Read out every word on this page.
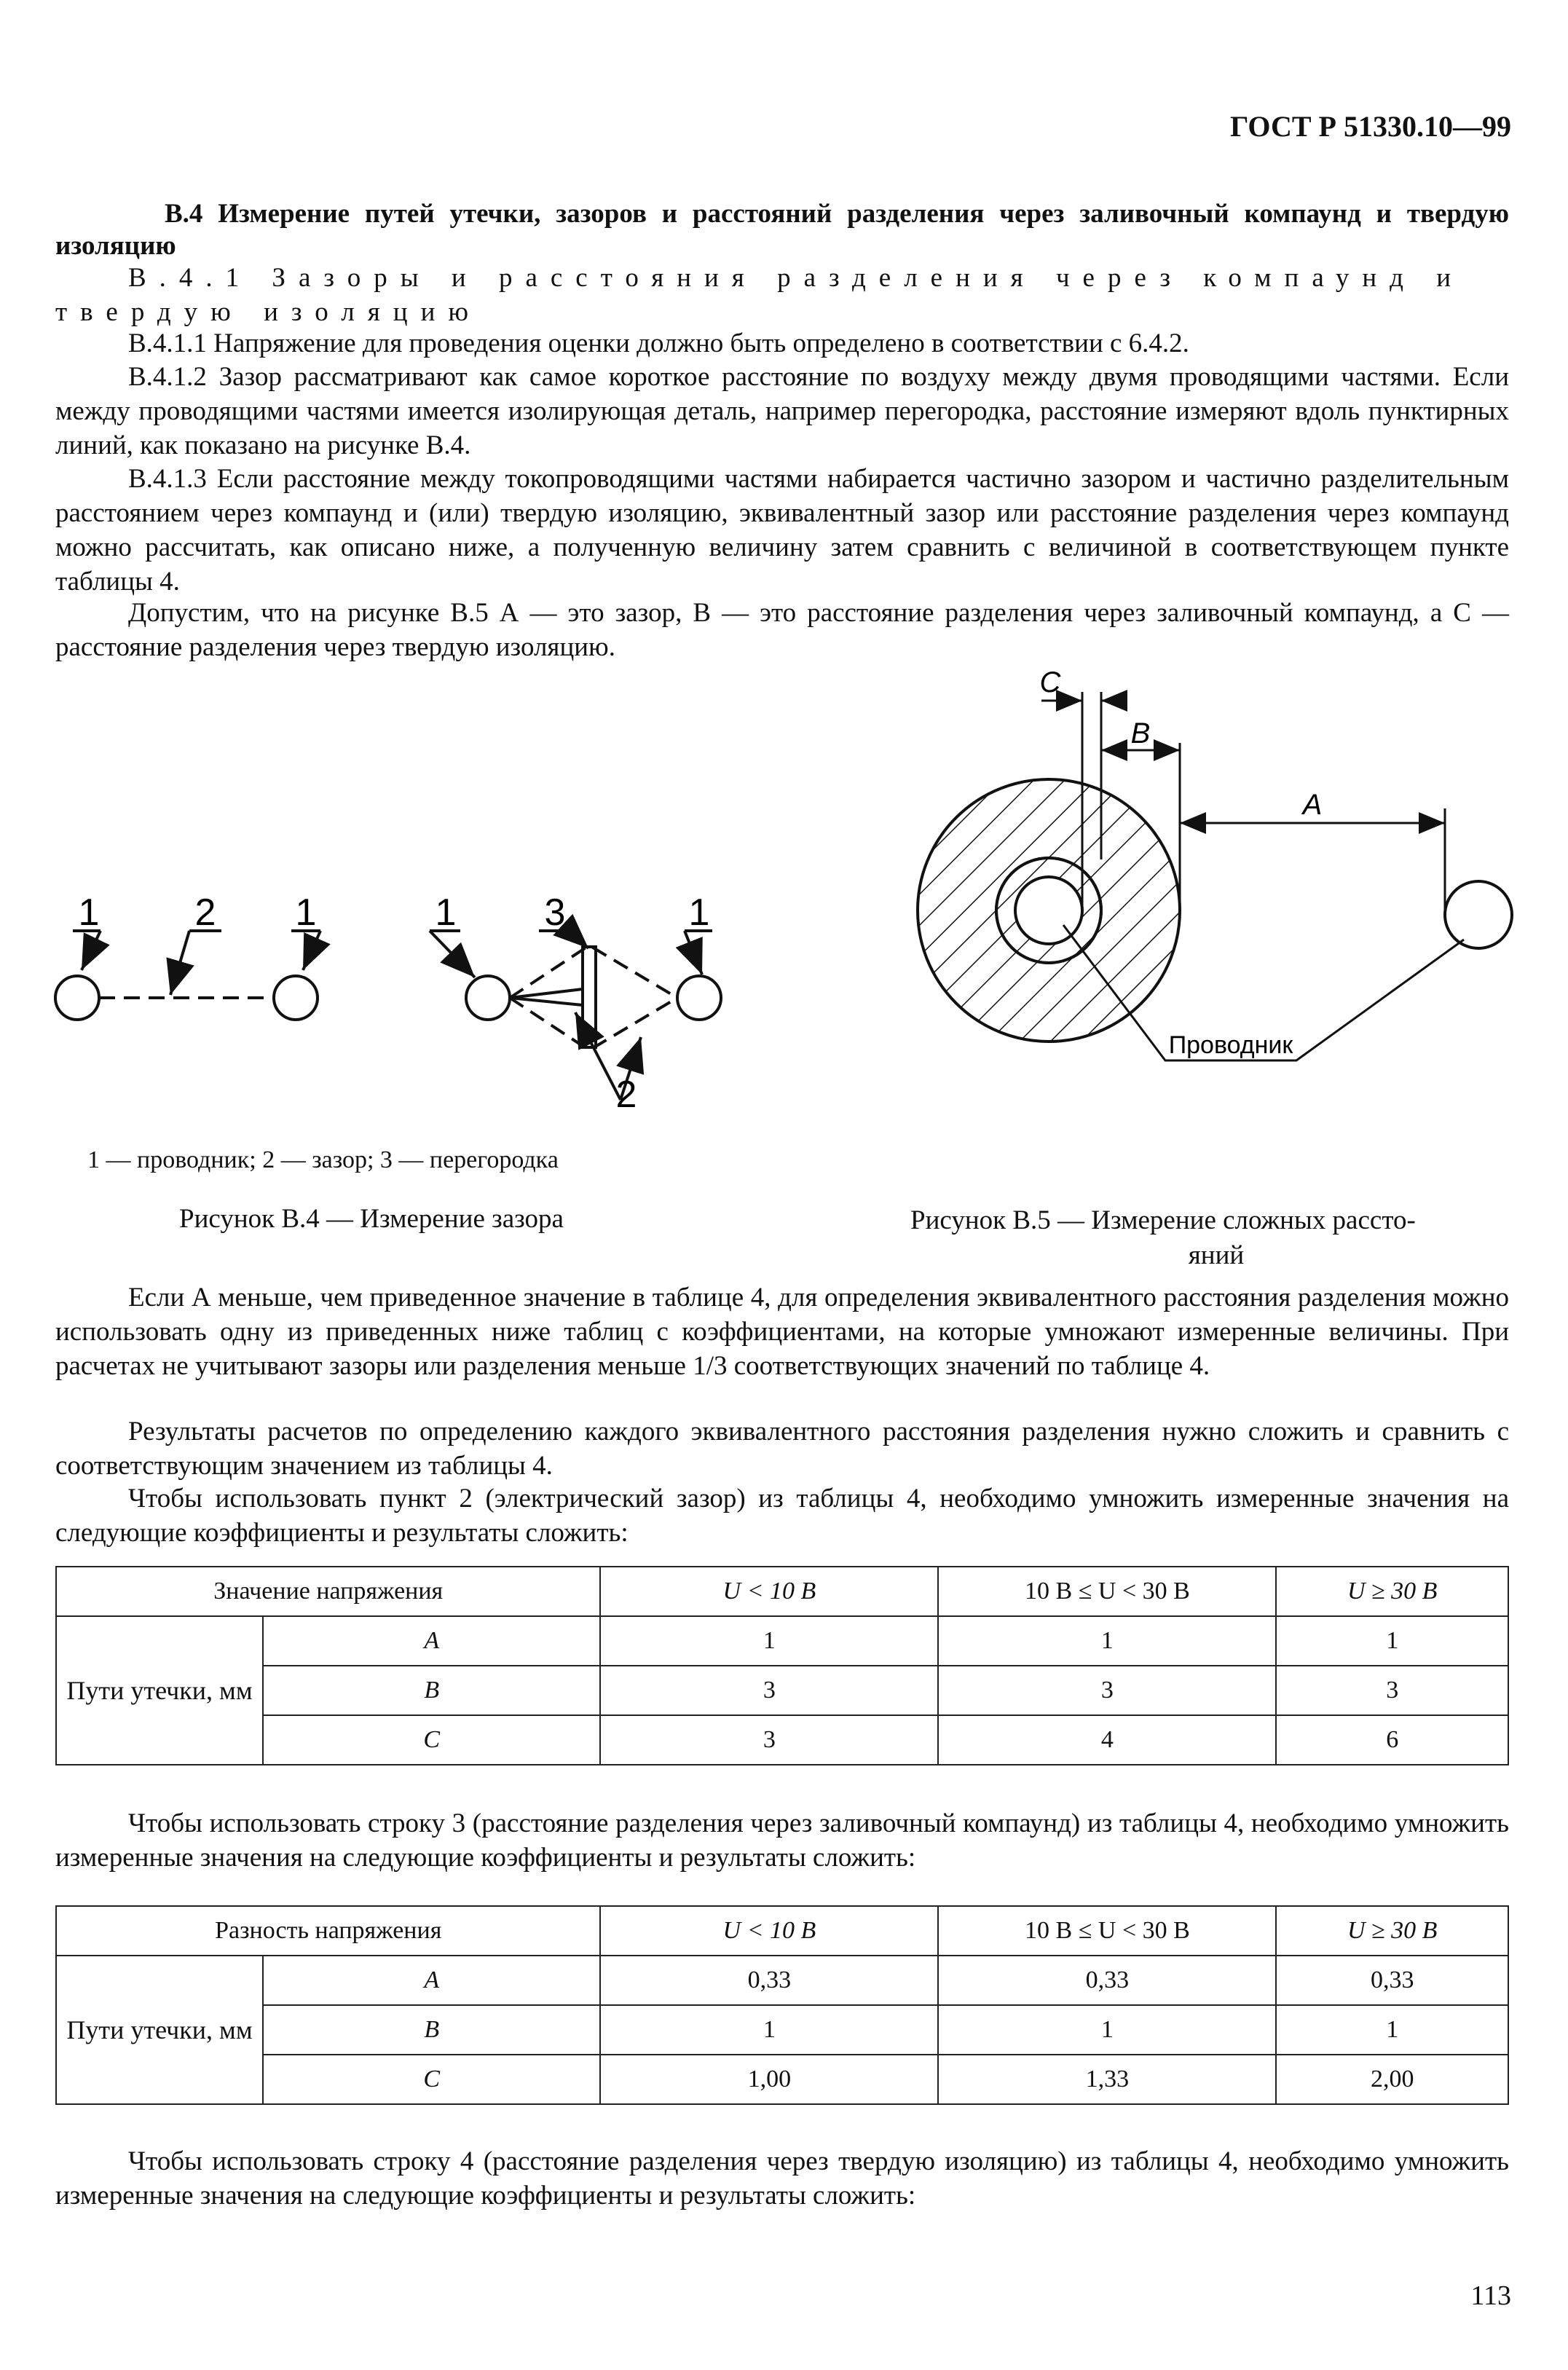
ГОСТ Р 51330.10—99
В.4 Измерение путей утечки, зазоров и расстояний разделения через заливочный компаунд и твердую изоляцию
В.4.1 Зазоры и расстояния разделения через компаунд и твердую изоляцию
В.4.1.1 Напряжение для проведения оценки должно быть определено в соответствии с 6.4.2.
В.4.1.2 Зазор рассматривают как самое короткое расстояние по воздуху между двумя проводящими частями. Если между проводящими частями имеется изолирующая деталь, например перегородка, расстояние измеряют вдоль пунктирных линий, как показано на рисунке В.4.
В.4.1.3 Если расстояние между токопроводящими частями набирается частично зазором и частично разделительным расстоянием через компаунд и (или) твердую изоляцию, эквивалентный зазор или расстояние разделения через компаунд можно рассчитать, как описано ниже, а полученную величину затем сравнить с величиной в соответствующем пункте таблицы 4.
Допустим, что на рисунке В.5 А — это зазор, В — это расстояние разделения через заливочный компаунд, а С — расстояние разделения через твердую изоляцию.
1	2 1	1 3	1
2
1 — проводник; 2 — зазор; 3 — перегородка
Рисунок В.4 — Измерение зазора
C
B
A
Проводник
Рисунок В.5 — Измерение сложных рассто-
яний
Если А меньше, чем приведенное значение в таблице 4, для определения эквивалентного расстояния разделения можно использовать одну из приведенных ниже таблиц с коэффициентами, на которые умножают измеренные величины. При расчетах не учитывают зазоры или разделения меньше 1/3 соответствующих значений по таблице 4.
Результаты расчетов по определению каждого эквивалентного расстояния разделения нужно сложить и сравнить с соответствующим значением из таблицы 4.
Чтобы использовать пункт 2 (электрический зазор) из таблицы 4, необходимо умножить измеренные значения на следующие коэффициенты и результаты сложить:
Значение напряжения		U < 10 В	10 В ≤ U < 30 В	U ≥ 30 В
Пути утечки, мм	А	1	1	1
	В	3	3	3
	С	3	4	6
Чтобы использовать строку 3 (расстояние разделения через заливочный компаунд) из таблицы 4, необходимо умножить измеренные значения на следующие коэффициенты и результаты сложить:
Разность напряжения		U < 10 В	10 В ≤ U < 30 В	U ≥ 30 В
Пути утечки, мм	А	0,33	0,33	0,33
	В	1	1	1
	С	1,00	1,33	2,00
Чтобы использовать строку 4 (расстояние разделения через твердую изоляцию) из таблицы 4, необходимо умножить измеренные значения на следующие коэффициенты и результаты сложить:
113
